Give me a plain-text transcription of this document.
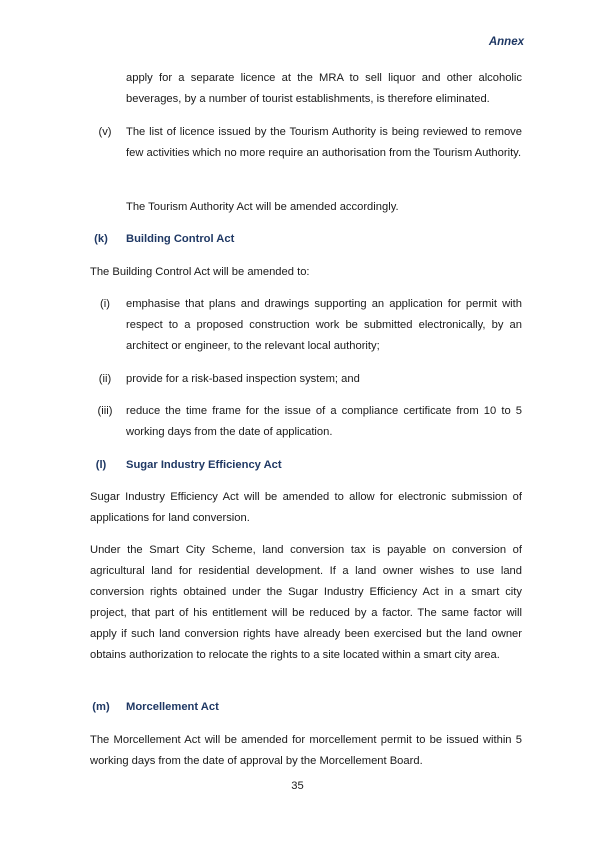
Annex
apply for a separate licence at the MRA to sell liquor and other alcoholic beverages, by a number of tourist establishments, is therefore eliminated.
(v)	The list of licence issued by the Tourism Authority is being reviewed to remove few activities which no more require an authorisation from the Tourism Authority.
The Tourism Authority Act will be amended accordingly.
(k)	Building Control Act
The Building Control Act will be amended to:
(i)	emphasise that plans and drawings supporting an application for permit with respect to a proposed construction work be submitted electronically, by an architect or engineer, to the relevant local authority;
(ii)	provide for a risk-based inspection system; and
(iii)	reduce the time frame for the issue of a compliance certificate from 10 to 5 working days from the date of application.
(l)	Sugar Industry Efficiency Act
Sugar Industry Efficiency Act will be amended to allow for electronic submission of applications for land conversion.
Under the Smart City Scheme, land conversion tax is payable on conversion of agricultural land for residential development. If a land owner wishes to use land conversion rights obtained under the Sugar Industry Efficiency Act in a smart city project, that part of his entitlement will be reduced by a factor. The same factor will apply if such land conversion rights have already been exercised but the land owner obtains authorization to relocate the rights to a site located within a smart city area.
(m) Morcellement Act
The Morcellement Act will be amended for morcellement permit to be issued within 5 working days from the date of approval by the Morcellement Board.
35
